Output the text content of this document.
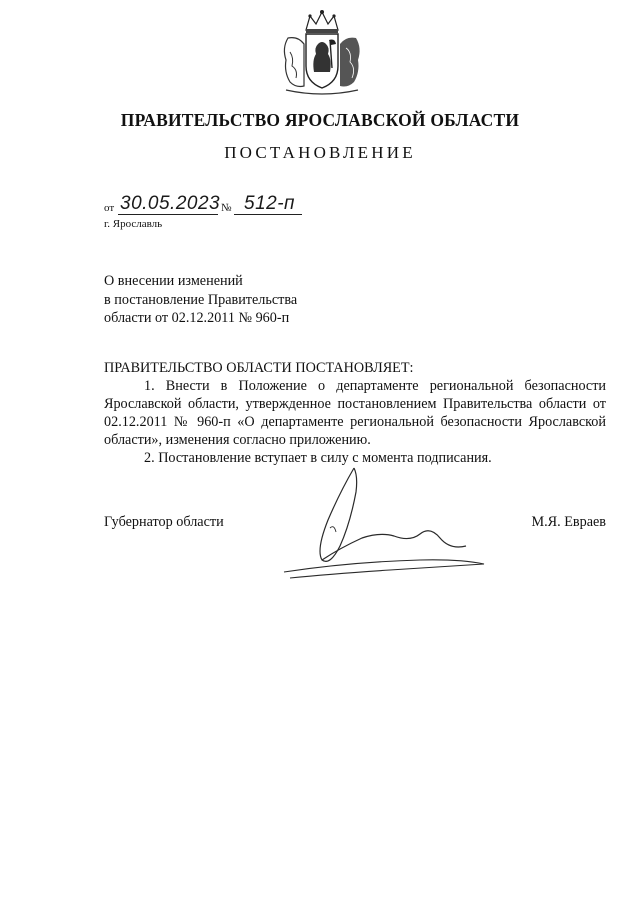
ПРАВИТЕЛЬСТВО ЯРОСЛАВСКОЙ ОБЛАСТИ
ПОСТАНОВЛЕНИЕ
от 30.05.2023 № 512-п
г. Ярославль
О внесении изменений
в постановление Правительства
области от 02.12.2011 № 960-п
ПРАВИТЕЛЬСТВО ОБЛАСТИ ПОСТАНОВЛЯЕТ:

1. Внести в Положение о департаменте региональной безопасности Ярославской области, утвержденное постановлением Правительства области от 02.12.2011 № 960-п «О департаменте региональной безопасности Ярославской области», изменения согласно приложению.

2. Постановление вступает в силу с момента подписания.

Губернатор области	М.Я. Евраев
